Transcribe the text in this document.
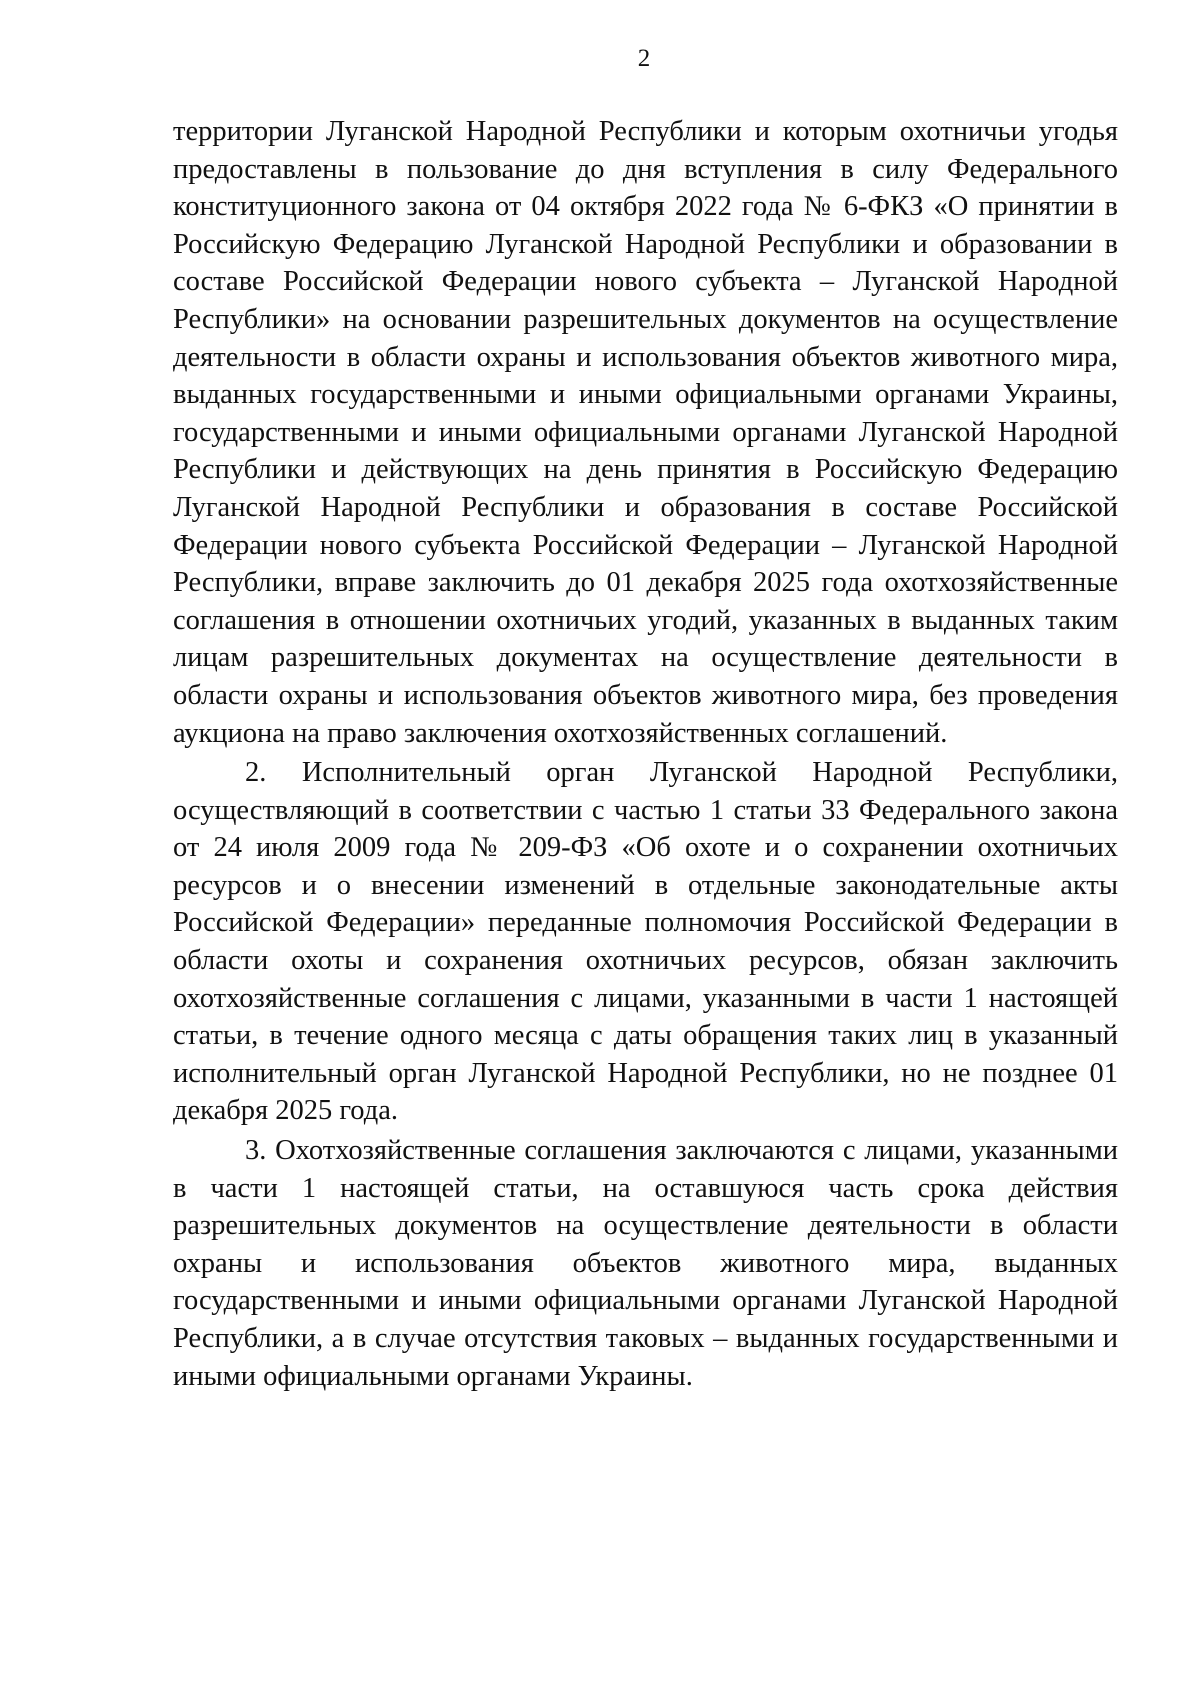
2

территории Луганской Народной Республики и которым охотничьи угодья предоставлены в пользование до дня вступления в силу Федерального конституционного закона от 04 октября 2022 года № 6-ФКЗ «О принятии в Российскую Федерацию Луганской Народной Республики и образовании в составе Российской Федерации нового субъекта – Луганской Народной Республики» на основании разрешительных документов на осуществление деятельности в области охраны и использования объектов животного мира, выданных государственными и иными официальными органами Украины, государственными и иными официальными органами Луганской Народной Республики и действующих на день принятия в Российскую Федерацию Луганской Народной Республики и образования в составе Российской Федерации нового субъекта Российской Федерации – Луганской Народной Республики, вправе заключить до 01 декабря 2025 года охотхозяйственные соглашения в отношении охотничьих угодий, указанных в выданных таким лицам разрешительных документах на осуществление деятельности в области охраны и использования объектов животного мира, без проведения аукциона на право заключения охотхозяйственных соглашений.

2. Исполнительный орган Луганской Народной Республики, осуществляющий в соответствии с частью 1 статьи 33 Федерального закона от 24 июля 2009 года № 209-ФЗ «Об охоте и о сохранении охотничьих ресурсов и о внесении изменений в отдельные законодательные акты Российской Федерации» переданные полномочия Российской Федерации в области охоты и сохранения охотничьих ресурсов, обязан заключить охотхозяйственные соглашения с лицами, указанными в части 1 настоящей статьи, в течение одного месяца с даты обращения таких лиц в указанный исполнительный орган Луганской Народной Республики, но не позднее 01 декабря 2025 года.

3. Охотхозяйственные соглашения заключаются с лицами, указанными в части 1 настоящей статьи, на оставшуюся часть срока действия разрешительных документов на осуществление деятельности в области охраны и использования объектов животного мира, выданных государственными и иными официальными органами Луганской Народной Республики, а в случае отсутствия таковых – выданных государственными и иными официальными органами Украины.
